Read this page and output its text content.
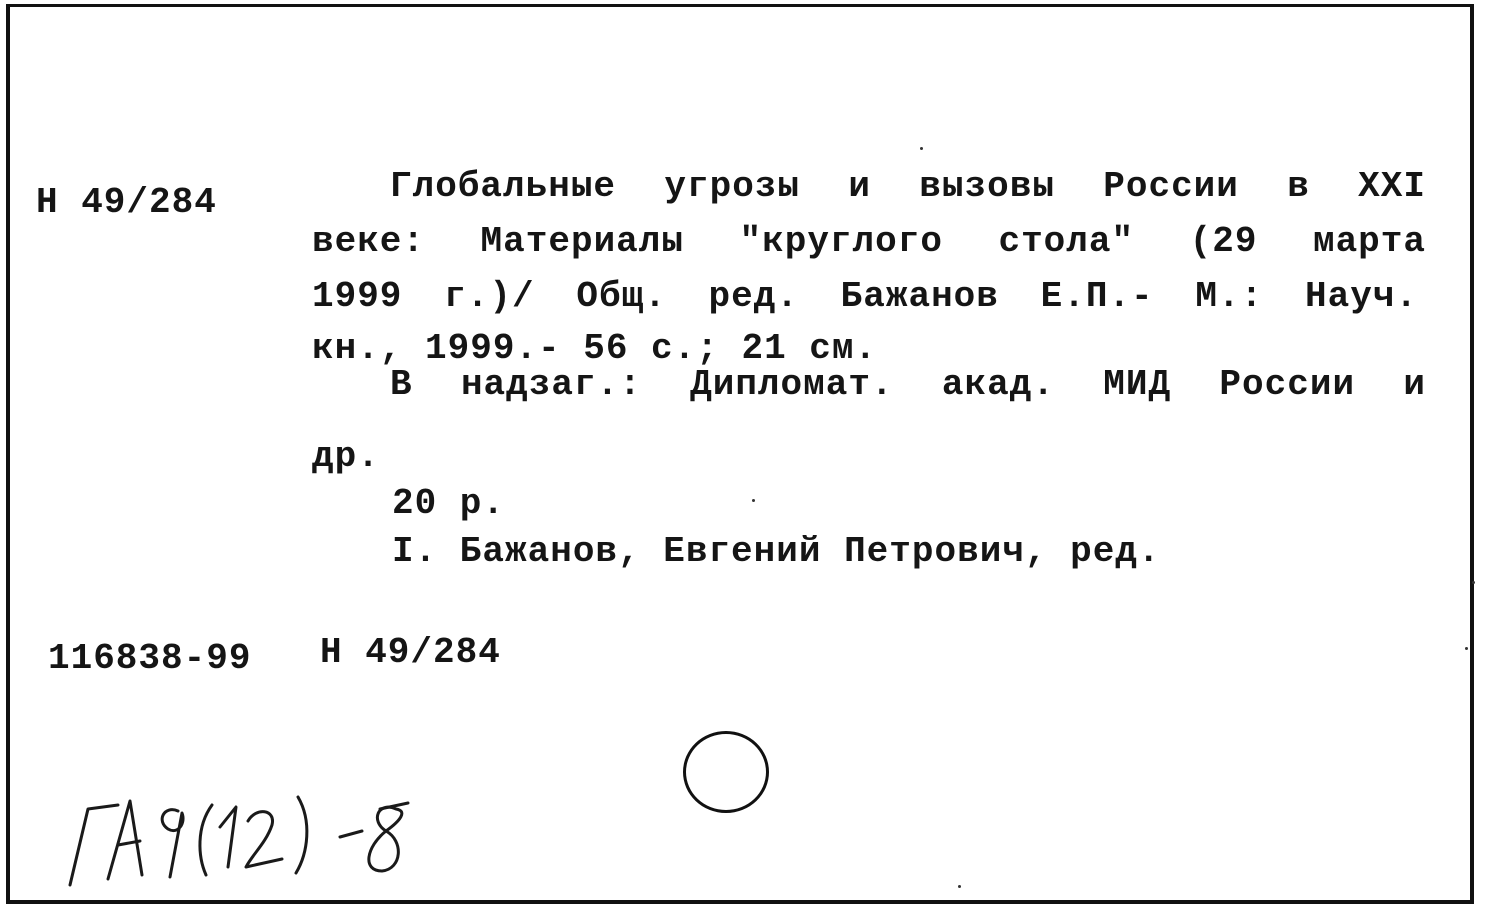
Н 49/284	Глобальные угрозы и вызовы России в XXI
веке: Материалы "круглого стола" (29 марта
1999 г.)/ Общ. ред. Бажанов Е.П.- М.: Науч.
кн., 1999.- 56 с.; 21 см.
В надзаг.: Дипломат. акад. МИД России и
др.
20 р.
I. Бажанов, Евгений Петрович, ред.
116838-99 Н 49/284
